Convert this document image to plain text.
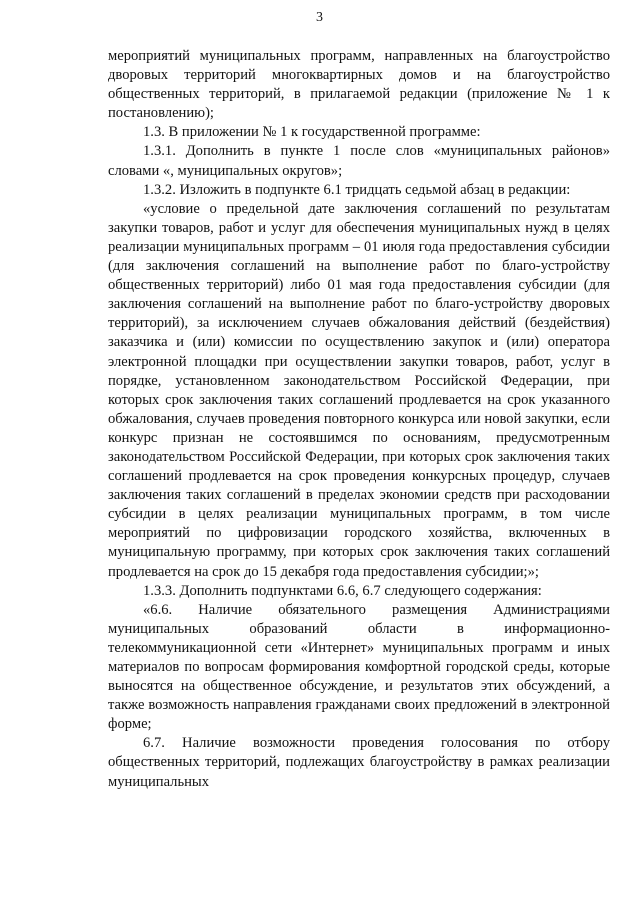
3

мероприятий муниципальных программ, направленных на благоустройство дворовых территорий многоквартирных домов и на благоустройство общественных территорий, в прилагаемой редакции (приложение № 1 к постановлению);

1.3. В приложении № 1 к государственной программе:

1.3.1. Дополнить в пункте 1 после слов «муниципальных районов» словами «, муниципальных округов»;

1.3.2. Изложить в подпункте 6.1 тридцать седьмой абзац в редакции:

«условие о предельной дате заключения соглашений по результатам закупки товаров, работ и услуг для обеспечения муниципальных нужд в целях реализации муниципальных программ – 01 июля года предоставления субсидии (для заключения соглашений на выполнение работ по благо-устройству общественных территорий) либо 01 мая года предоставления субсидии (для заключения соглашений на выполнение работ по благо-устройству дворовых территорий), за исключением случаев обжалования действий (бездействия) заказчика и (или) комиссии по осуществлению закупок и (или) оператора электронной площадки при осуществлении закупки товаров, работ, услуг в порядке, установленном законодательством Российской Федерации, при которых срок заключения таких соглашений продлевается на срок указанного обжалования, случаев проведения повторного конкурса или новой закупки, если конкурс признан не состоявшимся по основаниям, предусмотренным законодательством Российской Федерации, при которых срок заключения таких соглашений продлевается на срок проведения конкурсных процедур, случаев заключения таких соглашений в пределах экономии средств при расходовании субсидии в целях реализации муниципальных программ, в том числе мероприятий по цифровизации городского хозяйства, включенных в муниципальную программу, при которых срок заключения таких соглашений продлевается на срок до 15 декабря года предоставления субсидии;»;

1.3.3. Дополнить подпунктами 6.6, 6.7 следующего содержания:

«6.6. Наличие обязательного размещения Администрациями муниципальных образований области в информационно-телекоммуникационной сети «Интернет» муниципальных программ и иных материалов по вопросам формирования комфортной городской среды, которые выносятся на общественное обсуждение, и результатов этих обсуждений, а также возможность направления гражданами своих предложений в электронной форме;

6.7. Наличие возможности проведения голосования по отбору общественных территорий, подлежащих благоустройству в рамках реализации муниципальных
